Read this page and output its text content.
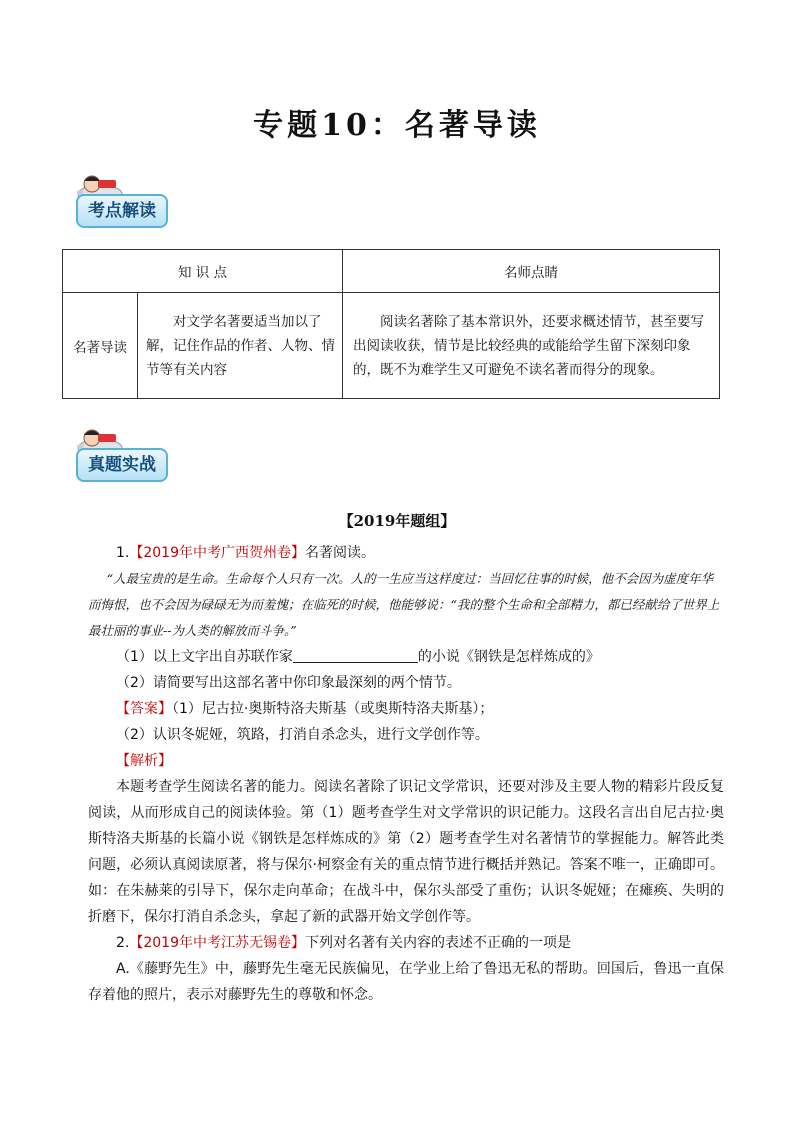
专题10：名著导读
考点解读
知 识 点		名师点睛
名著导读	对文学名著要适当加以了解，记住作品的作者、人物、情节等有关内容	阅读名著除了基本常识外，还要求概述情节，甚至要写出阅读收获，情节是比较经典的或能给学生留下深刻印象的，既不为难学生又可避免不读名著而得分的现象。
真题实战
【2019年题组】
1.【2019年中考广西贺州卷】名著阅读。
“人最宝贵的是生命。生命每个人只有一次。人的一生应当这样度过：当回忆往事的时候，他不会因为虚度年华而悔恨，也不会因为碌碌无为而羞愧；在临死的时候，他能够说：“我的整个生命和全部精力，都已经献给了世界上最壮丽的事业--为人类的解放而斗争。”
（1）以上文字出自苏联作家	的小说《钢铁是怎样炼成的》
（2）请简要写出这部名著中你印象最深刻的两个情节。
【答案】（1）尼古拉·奥斯特洛夫斯基（或奥斯特洛夫斯基）；
（2）认识冬妮娅，筑路，打消自杀念头，进行文学创作等。
【解析】
本题考查学生阅读名著的能力。阅读名著除了识记文学常识，还要对涉及主要人物的精彩片段反复阅读，从而形成自己的阅读体验。第（1）题考查学生对文学常识的识记能力。这段名言出自尼古拉·奥斯特洛夫斯基的长篇小说《钢铁是怎样炼成的》第（2）题考查学生对名著情节的掌握能力。解答此类问题，必须认真阅读原著，将与保尔·柯察金有关的重点情节进行概括并熟记。答案不唯一，正确即可。如：在朱赫莱的引导下，保尔走向革命；在战斗中，保尔头部受了重伤；认识冬妮娅；在瘫痪、失明的折磨下，保尔打消自杀念头，拿起了新的武器开始文学创作等。
2.【2019年中考江苏无锡卷】下列对名著有关内容的表述不正确的一项是
A.《藤野先生》中，藤野先生毫无民族偏见，在学业上给了鲁迅无私的帮助。回国后，鲁迅一直保存着他的照片，表示对藤野先生的尊敬和怀念。
